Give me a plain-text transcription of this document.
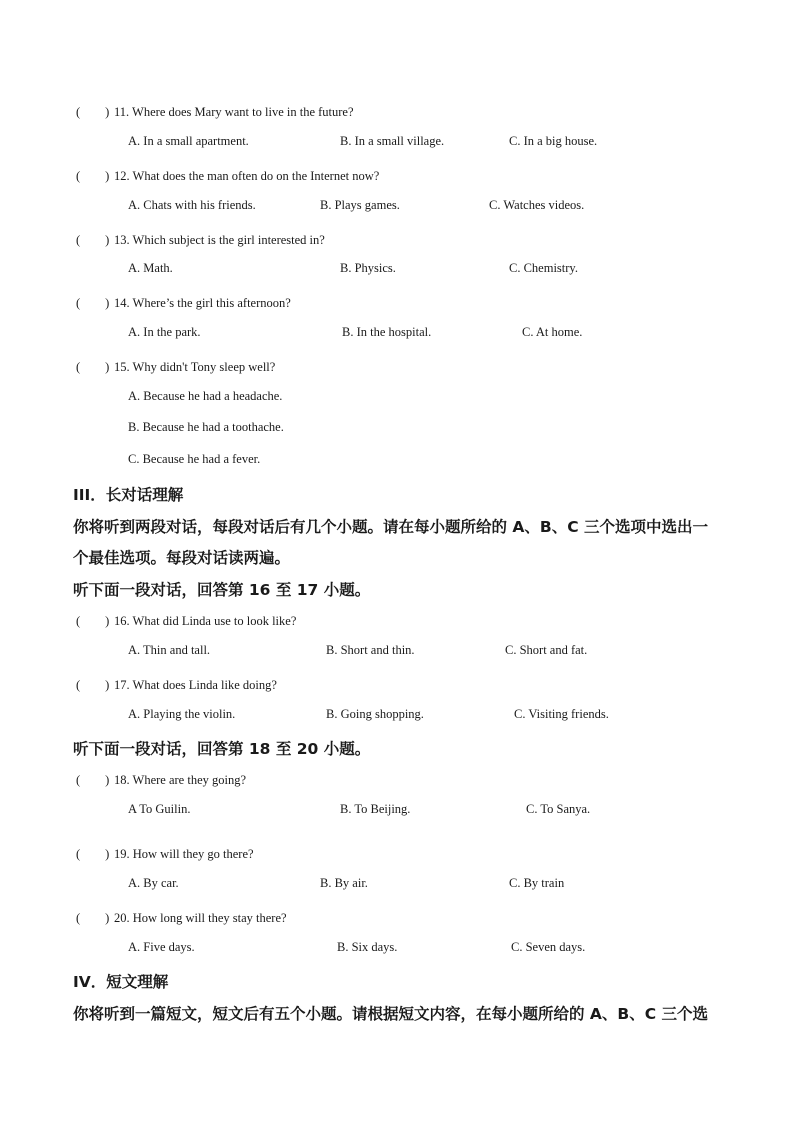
(　　) 11. Where does Mary want to live in the future?
A. In a small apartment.	B. In a small village.	C. In a big house.
(　　) 12. What does the man often do on the Internet now?
A. Chats with his friends.	B. Plays games.	C. Watches videos.
(　　) 13. Which subject is the girl interested in?
A. Math.	B. Physics.	C. Chemistry.
(　　) 14. Where’s the girl this afternoon?
A. In the park.	B. In the hospital.	C. At home.
(　　) 15. Why didn't Tony sleep well?
A. Because he had a headache.
B. Because he had a toothache.
C. Because he had a fever.
III．长对话理解
你将听到两段对话，每段对话后有几个小题。请在每小题所给的 A、B、C 三个选项中选出一
个最佳选项。每段对话读两遍。
听下面一段对话，回答第 16 至 17 小题。
(　　) 16. What did Linda use to look like?
A. Thin and tall.	B. Short and thin.	C. Short and fat.
(　　) 17. What does Linda like doing?
A. Playing the violin.	B. Going shopping.	C. Visiting friends.
听下面一段对话，回答第 18 至 20 小题。
(　　) 18. Where are they going?
A To Guilin.	B. To Beijing.	C. To Sanya.
(　　) 19. How will they go there?
A. By car.	B. By air.	C. By train
(　　) 20. How long will they stay there?
A. Five days.	B. Six days.	C. Seven days.
IV．短文理解
你将听到一篇短文，短文后有五个小题。请根据短文内容，在每小题所给的 A、B、C 三个选
